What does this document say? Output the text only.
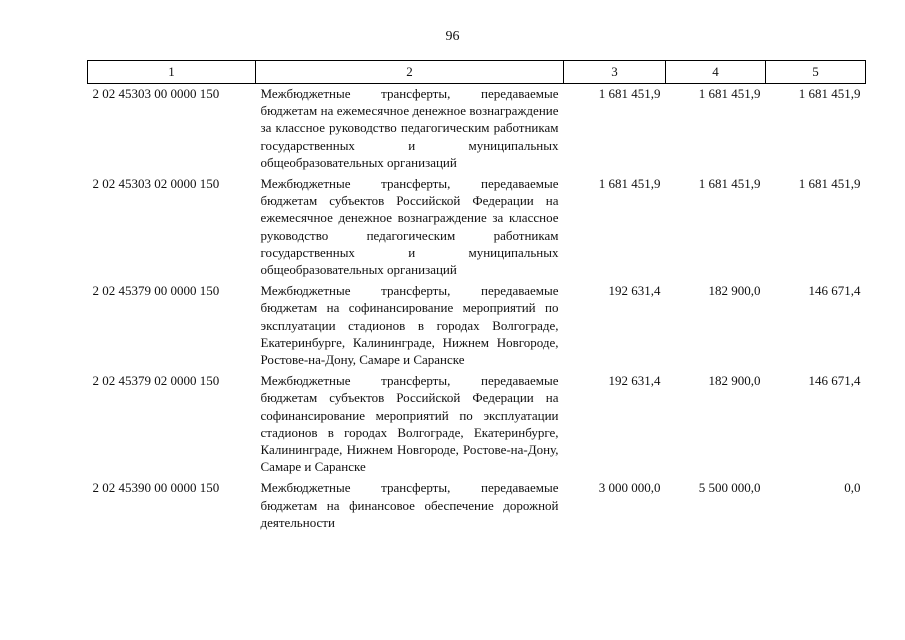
96
1	2	3	4	5
2 02 45303 00 0000 150	Межбюджетные трансферты, передаваемые бюджетам на ежемесячное денежное вознаграждение за классное руководство педагогическим работникам государственных и муниципальных общеобразовательных организаций	1 681 451,9	1 681 451,9	1 681 451,9
2 02 45303 02 0000 150	Межбюджетные трансферты, передаваемые бюджетам субъектов Российской Федерации на ежемесячное денежное вознаграждение за классное руководство педагогическим работникам государственных и муниципальных общеобразовательных организаций	1 681 451,9	1 681 451,9	1 681 451,9
2 02 45379 00 0000 150	Межбюджетные трансферты, передаваемые бюджетам на софинансирование мероприятий по эксплуатации стадионов в городах Волгограде, Екатеринбурге, Калининграде, Нижнем Новгороде, Ростове-на-Дону, Самаре и Саранске	192 631,4	182 900,0	146 671,4
2 02 45379 02 0000 150	Межбюджетные трансферты, передаваемые бюджетам субъектов Российской Федерации на софинансирование мероприятий по эксплуатации стадионов в городах Волгограде, Екатеринбурге, Калининграде, Нижнем Новгороде, Ростове-на-Дону, Самаре и Саранске	192 631,4	182 900,0	146 671,4
2 02 45390 00 0000 150	Межбюджетные трансферты, передаваемые бюджетам на финансовое обеспечение дорожной деятельности	3 000 000,0	5 500 000,0	0,0
